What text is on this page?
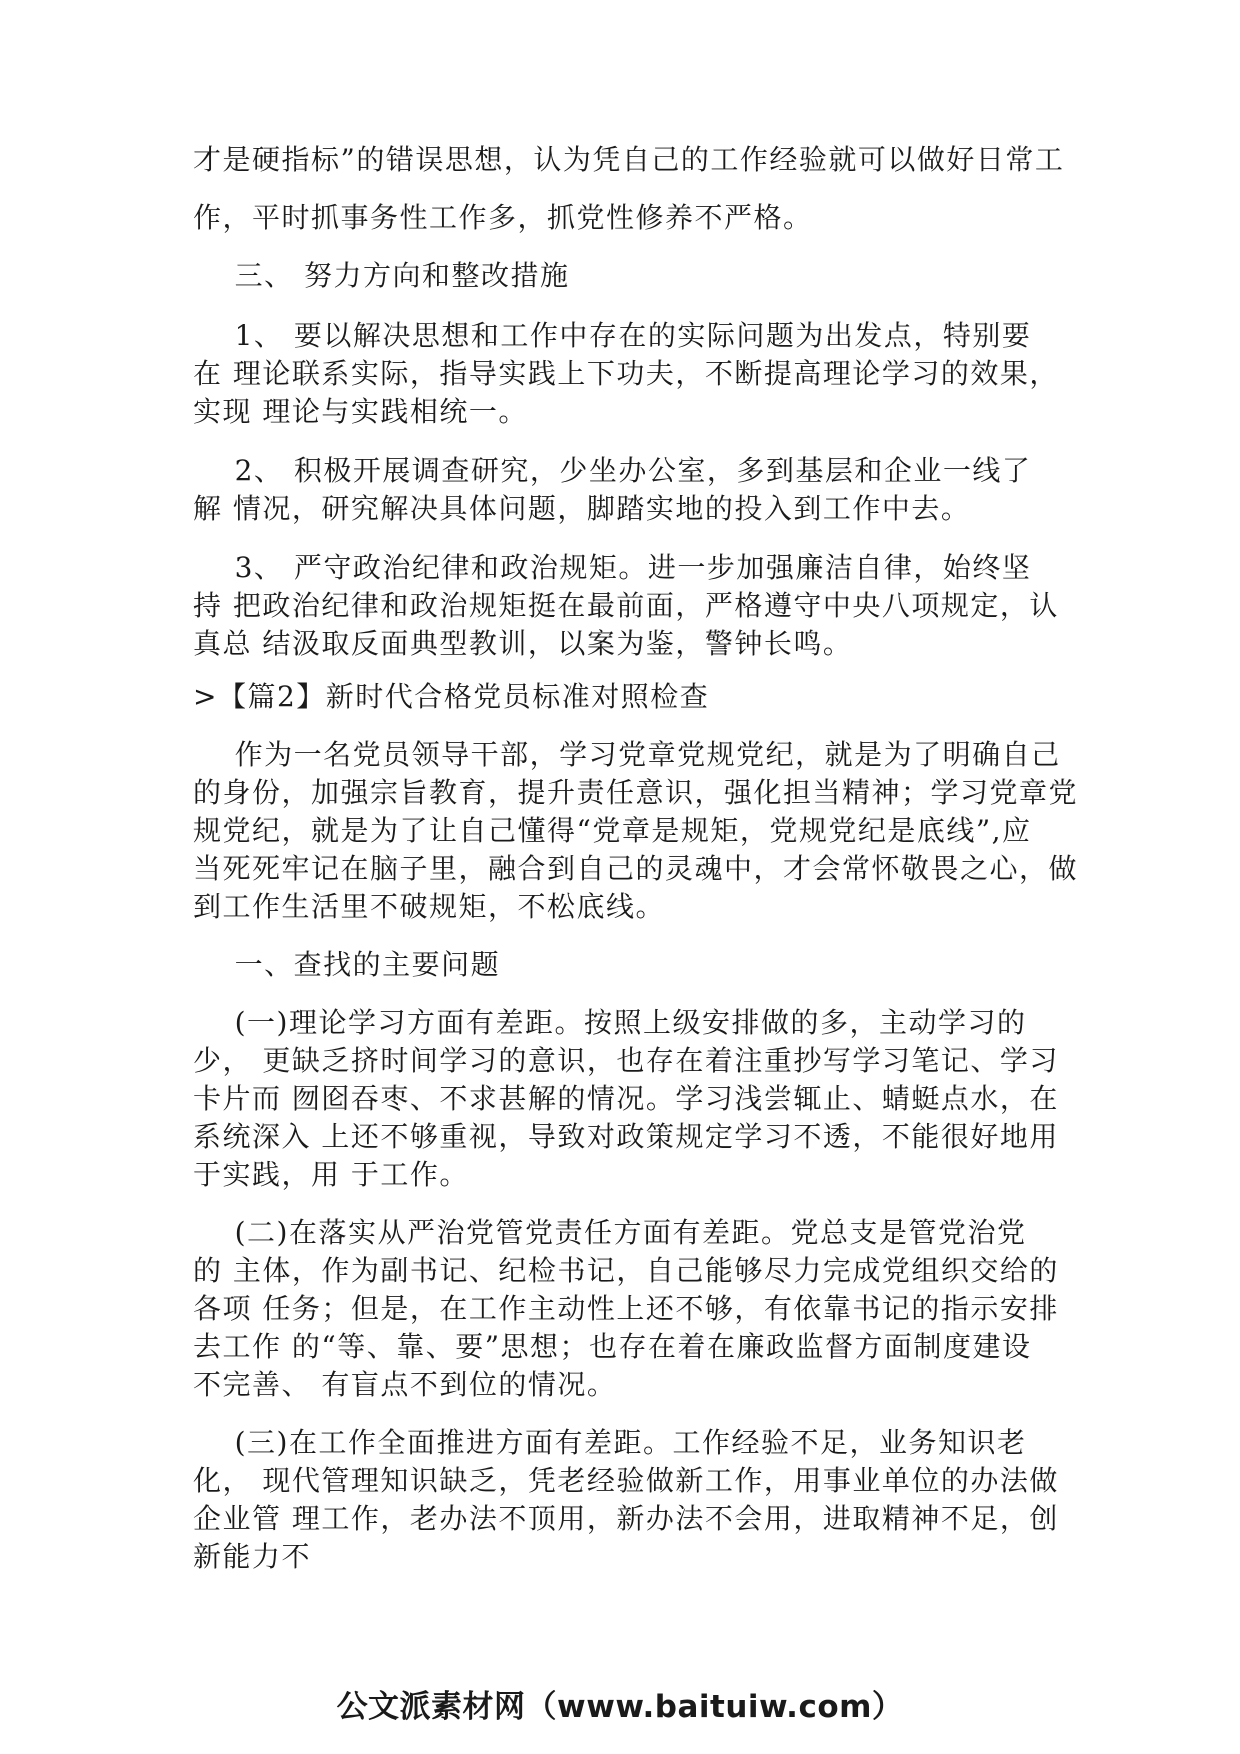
才是硬指标”的错误思想，认为凭自己的工作经验就可以做好日常工
作，平时抓事务性工作多，抓党性修养不严格。
三、 努力方向和整改措施
1、 要以解决思想和工作中存在的实际问题为出发点，特别要
在 理论联系实际，指导实践上下功夫，不断提高理论学习的效果，
实现 理论与实践相统一。
2、 积极开展调查研究，少坐办公室，多到基层和企业一线了
解 情况，研究解决具体问题，脚踏实地的投入到工作中去。
3、 严守政治纪律和政治规矩。进一步加强廉洁自律，始终坚
持 把政治纪律和政治规矩挺在最前面，严格遵守中央八项规定，认
真总 结汲取反面典型教训，以案为鉴，警钟长鸣。
>【篇2】新时代合格党员标准对照检查
作为一名党员领导干部，学习党章党规党纪，就是为了明确自己
的身份，加强宗旨教育，提升责任意识，强化担当精神；学习党章党
规党纪，就是为了让自己懂得“党章是规矩，党规党纪是底线”,应
当死死牢记在脑子里，融合到自己的灵魂中，才会常怀敬畏之心，做
到工作生活里不破规矩，不松底线。
一、查找的主要问题
(一)理论学习方面有差距。按照上级安排做的多，主动学习的
少， 更缺乏挤时间学习的意识，也存在着注重抄写学习笔记、学习
卡片而 囫囵吞枣、不求甚解的情况。学习浅尝辄止、蜻蜓点水，在
系统深入 上还不够重视，导致对政策规定学习不透，不能很好地用
于实践，用 于工作。
(二)在落实从严治党管党责任方面有差距。党总支是管党治党
的 主体，作为副书记、纪检书记，自己能够尽力完成党组织交给的
各项 任务；但是，在工作主动性上还不够，有依靠书记的指示安排
去工作 的“等、靠、要”思想；也存在着在廉政监督方面制度建设
不完善、 有盲点不到位的情况。
(三)在工作全面推进方面有差距。工作经验不足，业务知识老
化， 现代管理知识缺乏，凭老经验做新工作，用事业单位的办法做
企业管 理工作，老办法不顶用，新办法不会用，进取精神不足，创
新能力不
公文派素材网（www.baituiw.com）
